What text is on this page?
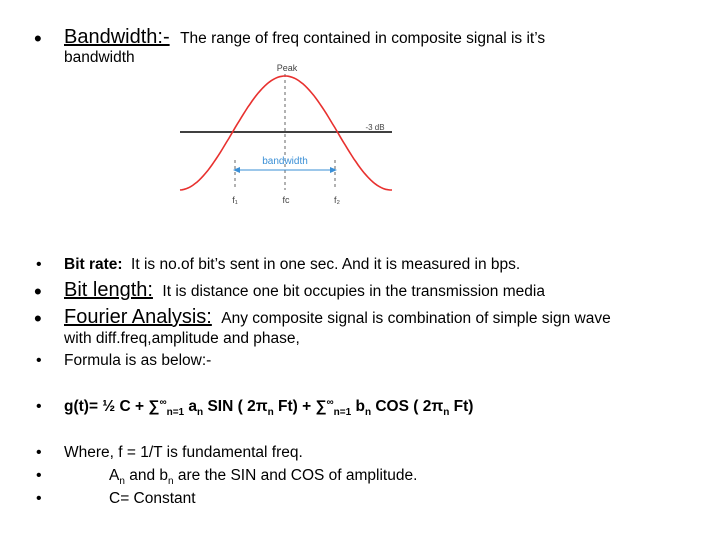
• Bandwidth:- The range of freq contained in composite signal is it’s
bandwidth
Peak
-3 dB
bandwidth
f₁	fc	f₂
• Bit rate: It is no.of bit’s sent in one sec. And it is measured in bps.
• Bit length: It is distance one bit occupies in the transmission media
• Fourier Analysis: Any composite signal is combination of simple sign wave
with diff.freq,amplitude and phase,
• Formula is as below:-
• g(t)= ½ $C + \sum^\infty_{n=1}$ $a_n$ SIN ( $2\pi_n$ $Ft) + \sum^\infty_{n=1}$ $b_n$ COS ( $2\pi_n$ Ft)
• Where, f = 1/T is fundamental freq.
•	$A_n$ and $b_n$ are the SIN and COS of amplitude.
•	C= Constant
